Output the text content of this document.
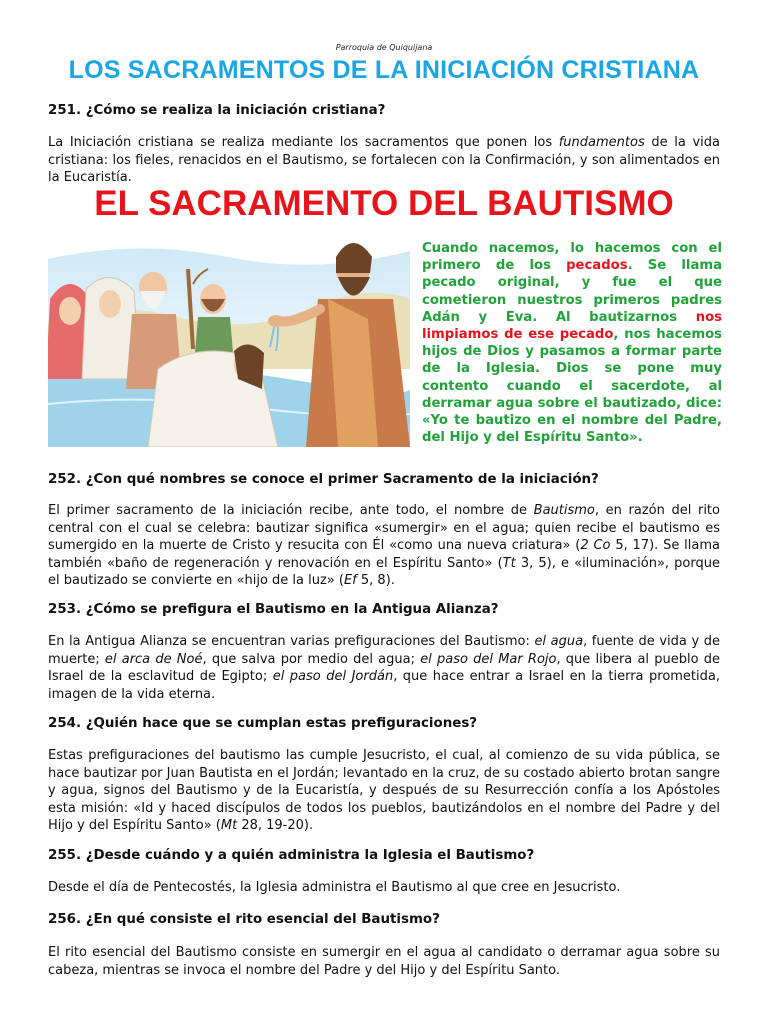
Parroquia de Quiquijana
LOS SACRAMENTOS DE LA INICIACIÓN CRISTIANA
251. ¿Cómo se realiza la iniciación cristiana?
La Iniciación cristiana se realiza mediante los sacramentos que ponen los fundamentos de la vida cristiana: los fieles, renacidos en el Bautismo, se fortalecen con la Confirmación, y son alimentados en la Eucaristía.
EL SACRAMENTO DEL BAUTISMO
Cuando nacemos, lo hacemos con el primero de los pecados. Se llama pecado original, y fue el que cometieron nuestros primeros padres Adán y Eva. Al bautizarnos nos limpiamos de ese pecado, nos hacemos hijos de Dios y pasamos a formar parte de la Iglesia. Dios se pone muy contento cuando el sacerdote, al derramar agua sobre el bautizado, dice: «Yo te bautizo en el nombre del Padre, del Hijo y del Espíritu Santo».
252. ¿Con qué nombres se conoce el primer Sacramento de la iniciación?
El primer sacramento de la iniciación recibe, ante todo, el nombre de Bautismo, en razón del rito central con el cual se celebra: bautizar significa «sumergir» en el agua; quien recibe el bautismo es sumergido en la muerte de Cristo y resucita con Él «como una nueva criatura» (2 Co 5, 17). Se llama también «baño de regeneración y renovación en el Espíritu Santo» (Tt 3, 5), e «iluminación», porque el bautizado se convierte en «hijo de la luz» (Ef 5, 8).
253. ¿Cómo se prefigura el Bautismo en la Antigua Alianza?
En la Antigua Alianza se encuentran varias prefiguraciones del Bautismo: el agua, fuente de vida y de muerte; el arca de Noé, que salva por medio del agua; el paso del Mar Rojo, que libera al pueblo de Israel de la esclavitud de Egipto; el paso del Jordán, que hace entrar a Israel en la tierra prometida, imagen de la vida eterna.
254. ¿Quién hace que se cumplan estas prefiguraciones?
Estas prefiguraciones del bautismo las cumple Jesucristo, el cual, al comienzo de su vida pública, se hace bautizar por Juan Bautista en el Jordán; levantado en la cruz, de su costado abierto brotan sangre y agua, signos del Bautismo y de la Eucaristía, y después de su Resurrección confía a los Apóstoles esta misión: «Id y haced discípulos de todos los pueblos, bautizándolos en el nombre del Padre y del Hijo y del Espíritu Santo» (Mt 28, 19-20).
255. ¿Desde cuándo y a quién administra la Iglesia el Bautismo?
Desde el día de Pentecostés, la Iglesia administra el Bautismo al que cree en Jesucristo.
256. ¿En qué consiste el rito esencial del Bautismo?
El rito esencial del Bautismo consiste en sumergir en el agua al candidato o derramar agua sobre su cabeza, mientras se invoca el nombre del Padre y del Hijo y del Espíritu Santo.
